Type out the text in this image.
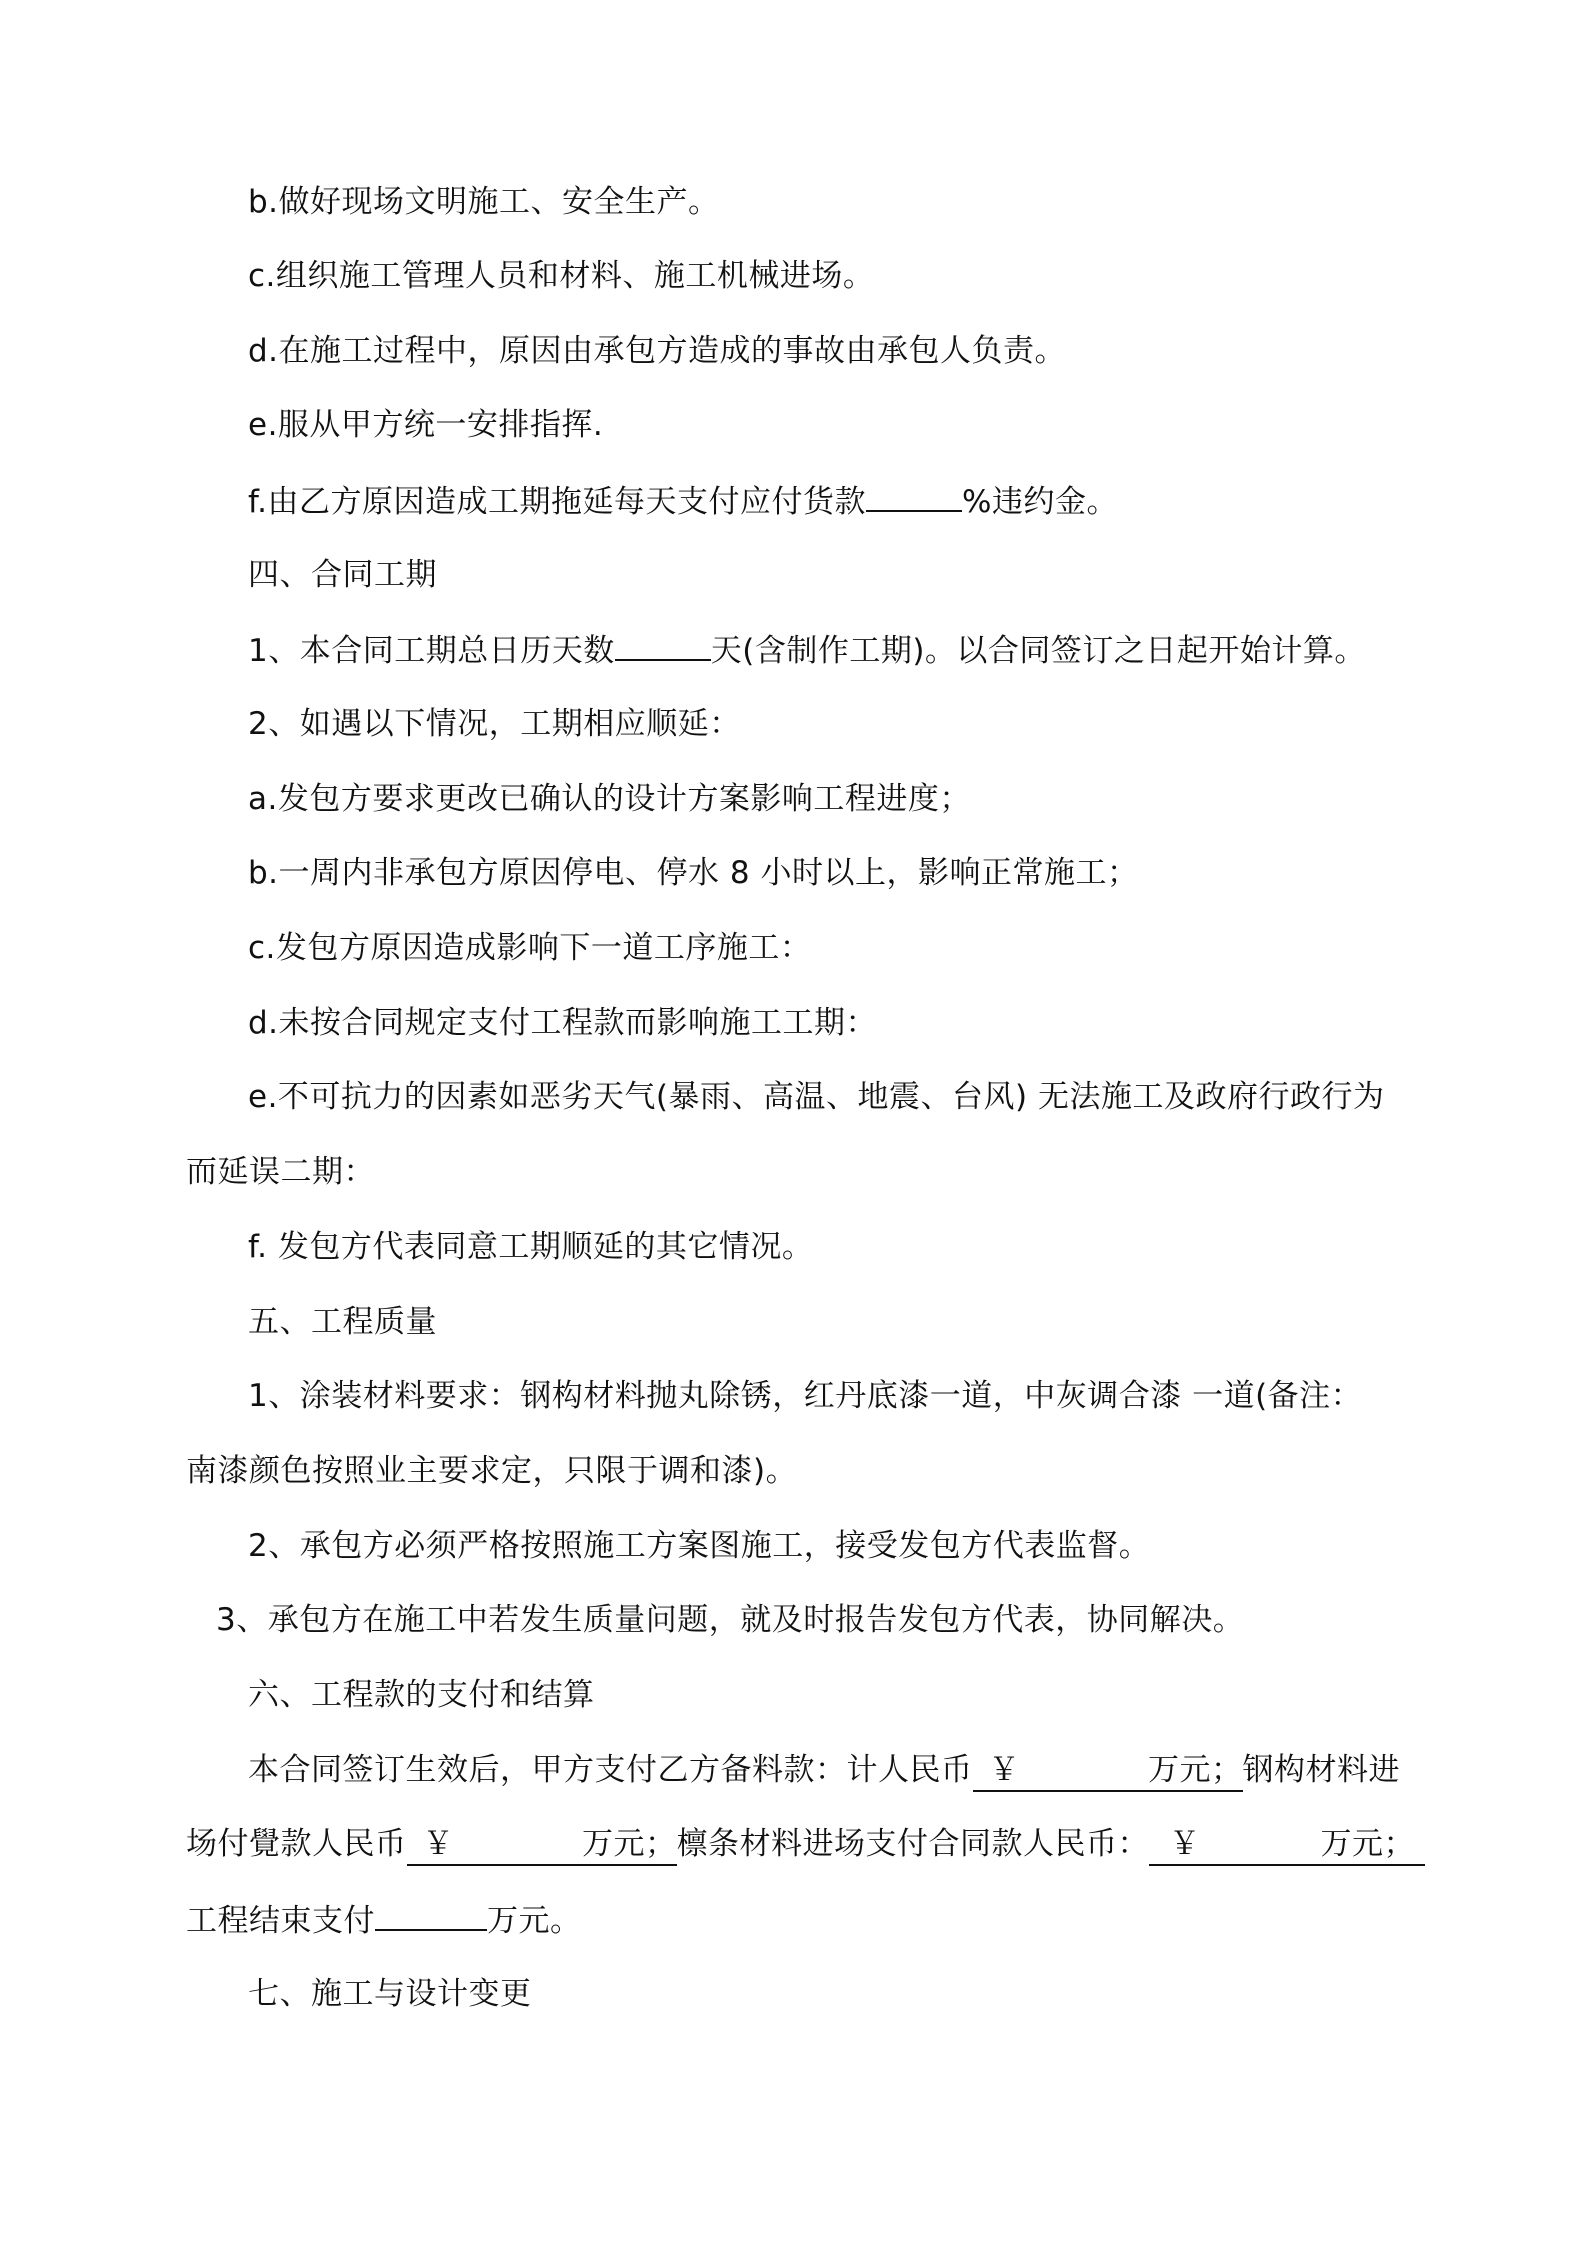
b.做好现场文明施工、安全生产。
c.组织施工管理人员和材料、施工机械进场。
d.在施工过程中，原因由承包方造成的事故由承包人负责。
e.服从甲方统一安排指挥.
f.由乙方原因造成工期拖延每天支付应付货款	%违约金。
四、合同工期
1、本合同工期总日历天数	天(含制作工期)。以合同签订之日起开始计算。
2、如遇以下情况，工期相应顺延：
a.发包方要求更改已确认的设计方案影响工程进度；
b.一周内非承包方原因停电、停水 8 小时以上，影响正常施工；
c.发包方原因造成影响下一道工序施工：
d.未按合同规定支付工程款而影响施工工期：
e.不可抗力的因素如恶劣天气(暴雨、高温、地震、台风) 无法施工及政府行政行为
而延误二期：
f. 发包方代表同意工期顺延的其它情况。
五、工程质量
1、涂装材料要求：钢构材料抛丸除锈，红丹底漆一道，中灰调合漆 一道(备注：
南漆颜色按照业主要求定，只限于调和漆)。
2、承包方必须严格按照施工方案图施工，接受发包方代表监督。
3、承包方在施工中若发生质量问题，就及时报告发包方代表，协同解决。
六、工程款的支付和结算
本合同签订生效后，甲方支付乙方备料款：计人民币 ￥	万元；钢构材料进
场付覺款人民币 ￥	万元；檩条材料进场支付合同款人民币： ￥	万元；
工程结束支付	万元。
七、施工与设计变更
